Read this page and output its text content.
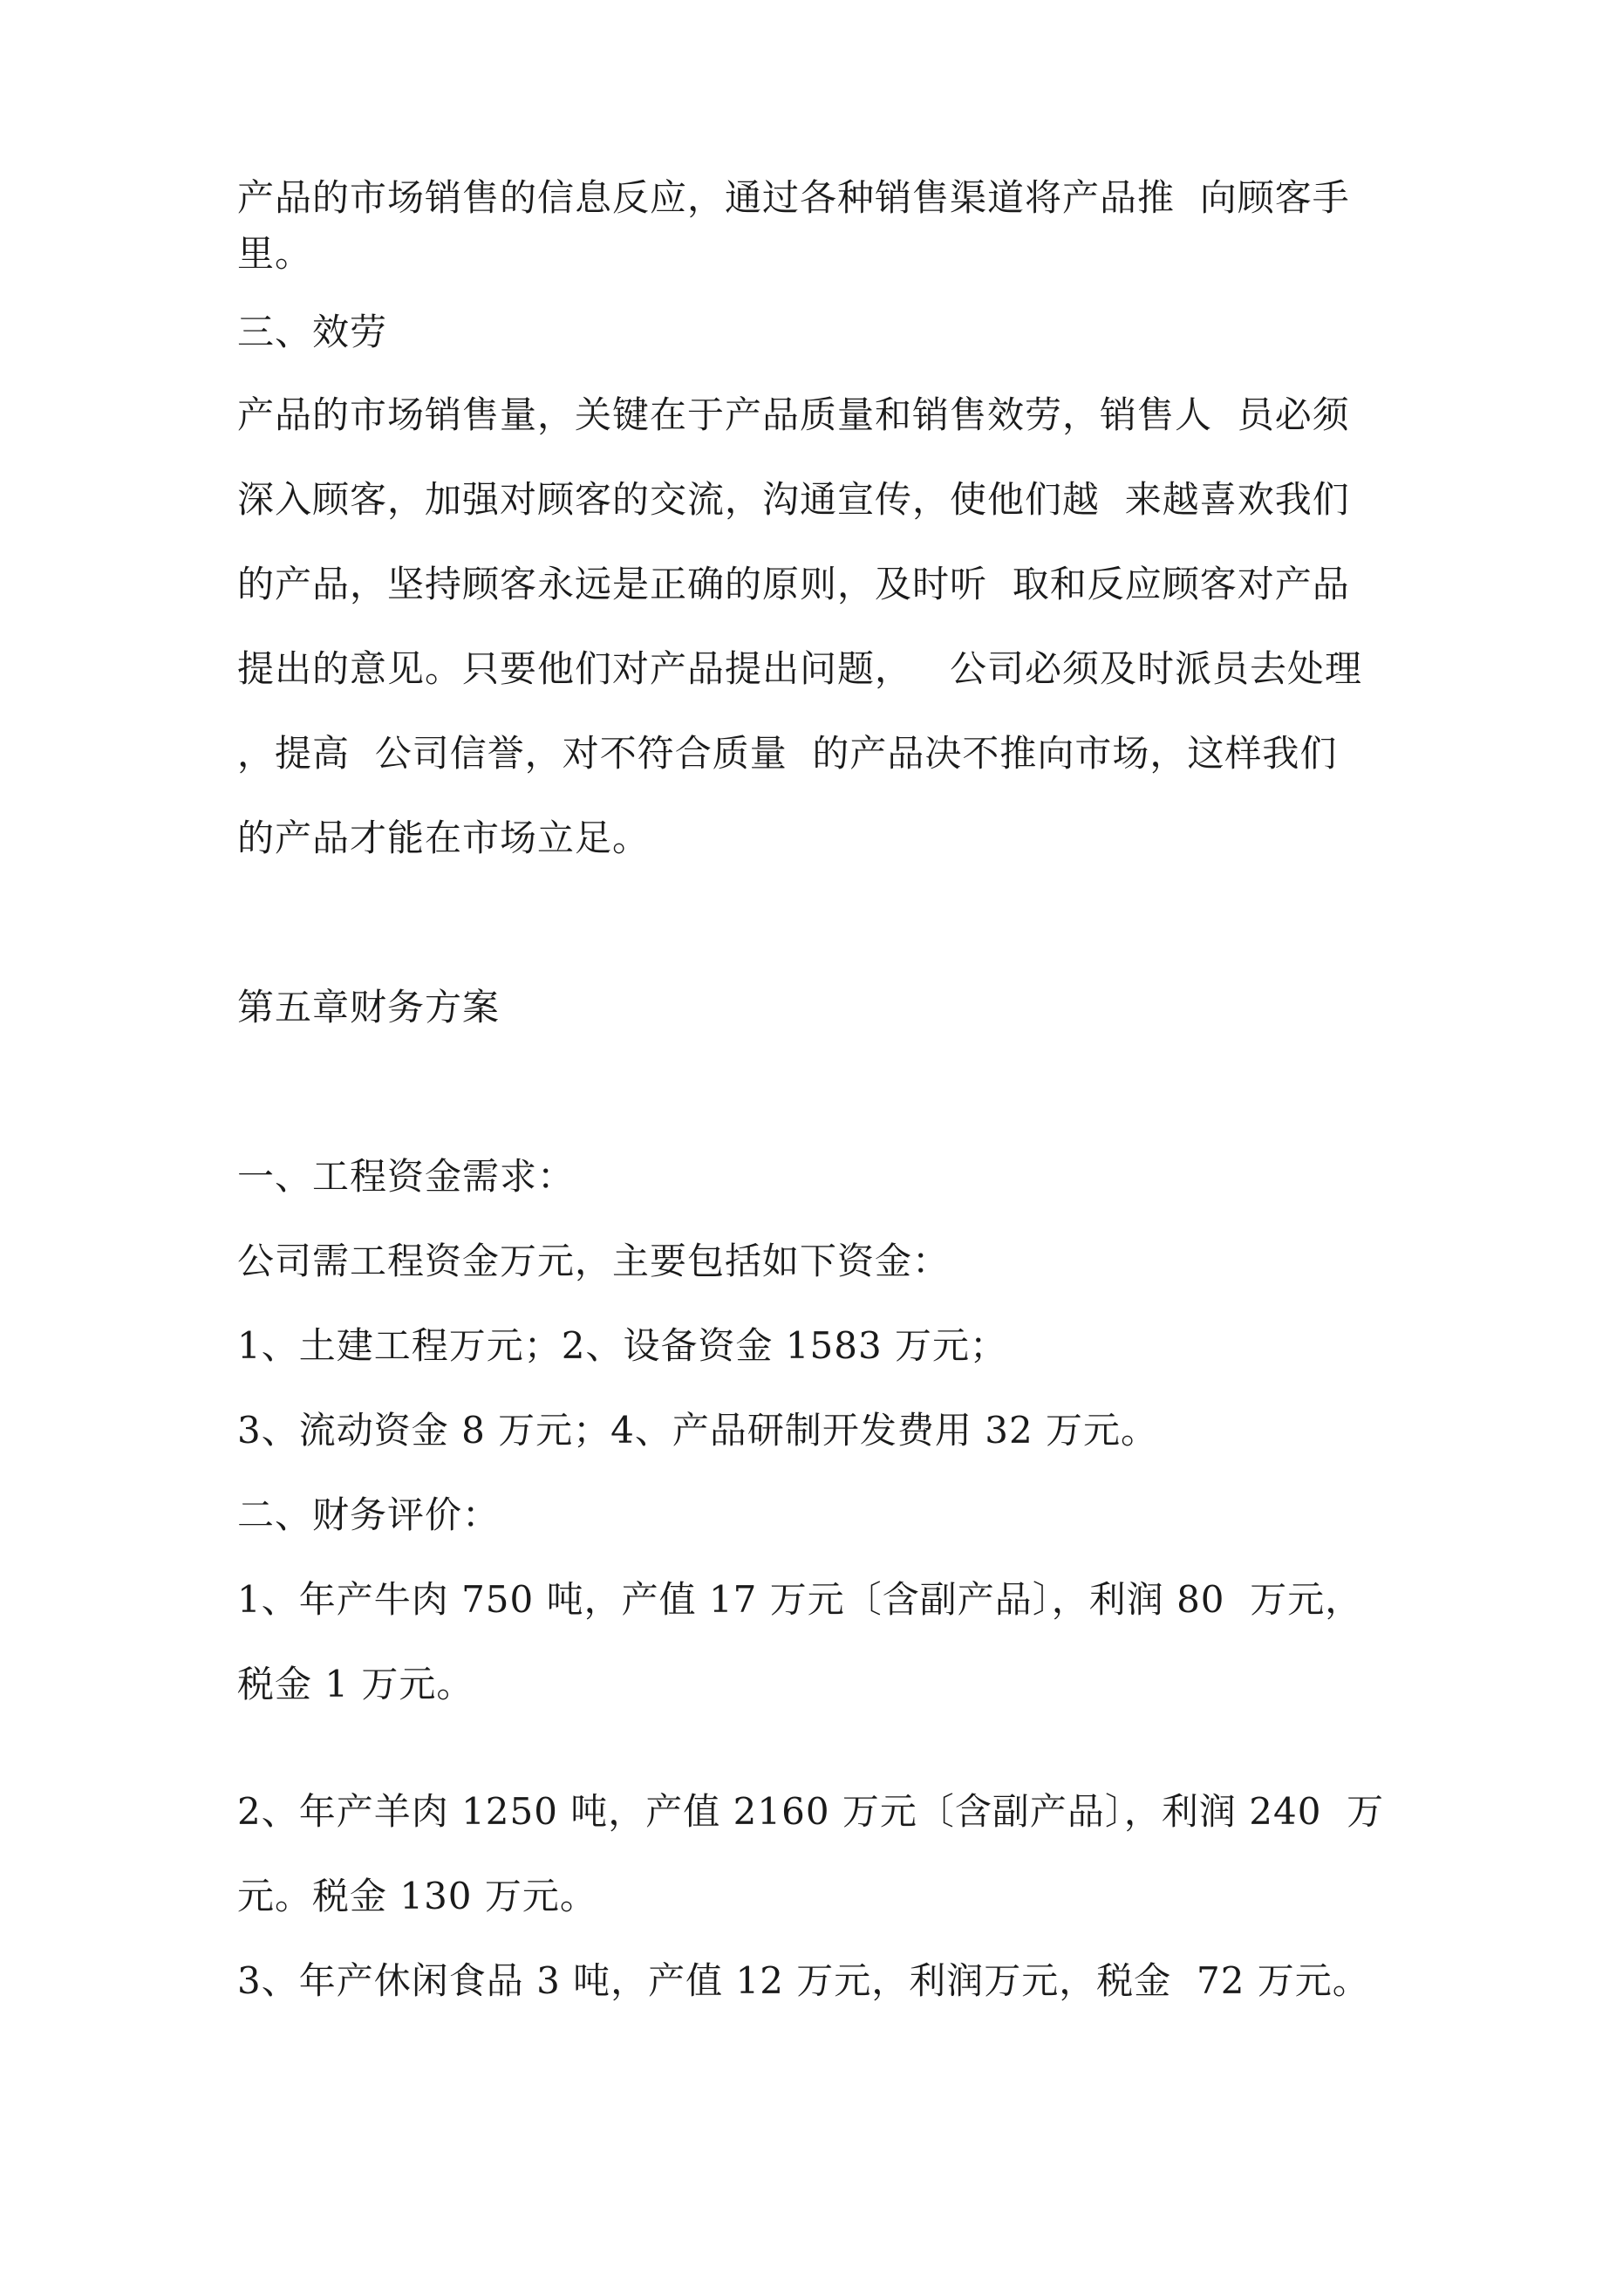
产品的市场销售的信息反应，通过各种销售渠道将产品推  向顾客手
里。
三、效劳
产品的市场销售量，关键在于产品质量和销售效劳，销售人  员必须
深入顾客，加强对顾客的交流，沟通宣传，使他们越  来越喜欢我们
的产品，坚持顾客永远是正确的原则，及时听  取和反应顾客对产品
提出的意见。只要他们对产品提出问题，   公司必须及时派员去处理
，提高  公司信誉，对不符合质量  的产品决不推向市场，这样我们
的产品才能在市场立足。
第五章财务方案
一、工程资金需求：
公司需工程资金万元，主要包括如下资金：
1、土建工程万元；2、设备资金 1583 万元；
3、流动资金 8 万元；4、产品研制开发费用 32 万元。
二、财务评价：
1、年产牛肉 750 吨，产值 17 万元〔含副产品〕，利润 80  万元，
税金 1 万元。
2、年产羊肉 1250 吨，产值 2160 万元〔含副产品〕，利润 240  万
元。税金 130 万元。
3、年产休闲食品 3 吨，产值 12 万元，利润万元，税金  72 万元。
